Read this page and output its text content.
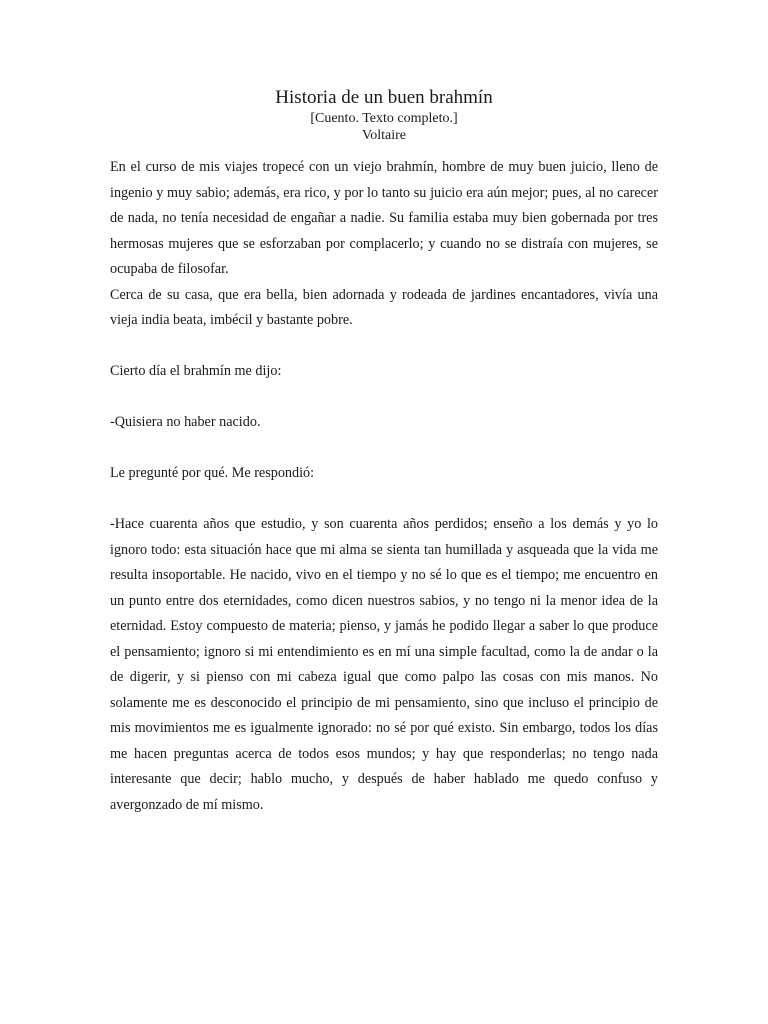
Historia de un buen brahmín

[Cuento. Texto completo.]

Voltaire

En el curso de mis viajes tropecé con un viejo brahmín, hombre de muy buen juicio, lleno de ingenio y muy sabio; además, era rico, y por lo tanto su juicio era aún mejor; pues, al no carecer de nada, no tenía necesidad de engañar a nadie. Su familia estaba muy bien gobernada por tres hermosas mujeres que se esforzaban por complacerlo; y cuando no se distraía con mujeres, se ocupaba de filosofar.

Cerca de su casa, que era bella, bien adornada y rodeada de jardines encantadores, vivía una vieja india beata, imbécil y bastante pobre.

Cierto día el brahmín me dijo:

-Quisiera no haber nacido.

Le pregunté por qué. Me respondió:

-Hace cuarenta años que estudio, y son cuarenta años perdidos; enseño a los demás y yo lo ignoro todo: esta situación hace que mi alma se sienta tan humillada y asqueada que la vida me resulta insoportable. He nacido, vivo en el tiempo y no sé lo que es el tiempo; me encuentro en un punto entre dos eternidades, como dicen nuestros sabios, y no tengo ni la menor idea de la eternidad. Estoy compuesto de materia; pienso, y jamás he podido llegar a saber lo que produce el pensamiento; ignoro si mi entendimiento es en mí una simple facultad, como la de andar o la de digerir, y si pienso con mi cabeza igual que como palpo las cosas con mis manos. No solamente me es desconocido el principio de mi pensamiento, sino que incluso el principio de mis movimientos me es igualmente ignorado: no sé por qué existo. Sin embargo, todos los días me hacen preguntas acerca de todos esos mundos; y hay que responderlas; no tengo nada interesante que decir; hablo mucho, y después de haber hablado me quedo confuso y avergonzado de mí mismo.
